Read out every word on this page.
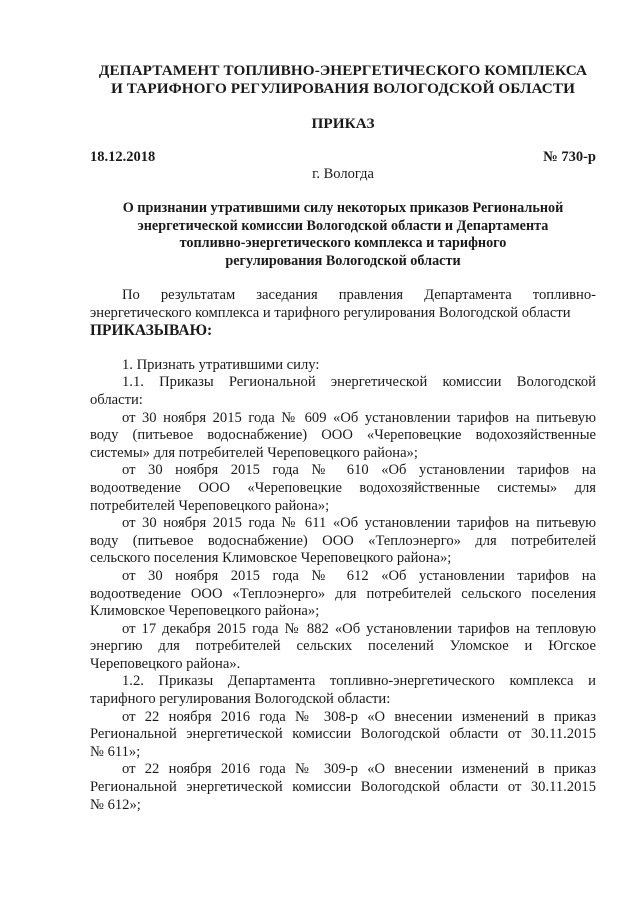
ДЕПАРТАМЕНТ ТОПЛИВНО-ЭНЕРГЕТИЧЕСКОГО КОМПЛЕКСА
И ТАРИФНОГО РЕГУЛИРОВАНИЯ ВОЛОГОДСКОЙ ОБЛАСТИ
ПРИКАЗ
18.12.2018	№ 730-р
г. Вологда
О признании утратившими силу некоторых приказов Региональной
энергетической комиссии Вологодской области и Департамента
топливно-энергетического комплекса и тарифного
регулирования Вологодской области
По результатам заседания правления Департамента топливно-
энергетического комплекса и тарифного регулирования Вологодской области
ПРИКАЗЫВАЮ:
1. Признать утратившими силу:
1.1. Приказы Региональной энергетической комиссии Вологодской
области:
от 30 ноября 2015 года № 609 «Об установлении тарифов на питьевую
воду (питьевое водоснабжение) ООО «Череповецкие водохозяйственные
системы» для потребителей Череповецкого района»;
от 30 ноября 2015 года № 610 «Об установлении тарифов на
водоотведение ООО «Череповецкие водохозяйственные системы» для
потребителей Череповецкого района»;
от 30 ноября 2015 года № 611 «Об установлении тарифов на питьевую
воду (питьевое водоснабжение) ООО «Теплоэнерго» для потребителей
сельского поселения Климовское Череповецкого района»;
от 30 ноября 2015 года № 612 «Об установлении тарифов на
водоотведение ООО «Теплоэнерго» для потребителей сельского поселения
Климовское Череповецкого района»;
от 17 декабря 2015 года № 882 «Об установлении тарифов на тепловую
энергию для потребителей сельских поселений Уломское и Югское
Череповецкого района».
1.2. Приказы Департамента топливно-энергетического комплекса и
тарифного регулирования Вологодской области:
от 22 ноября 2016 года № 308-р «О внесении изменений в приказ
Региональной энергетической комиссии Вологодской области от 30.11.2015
№ 611»;
от 22 ноября 2016 года № 309-р «О внесении изменений в приказ
Региональной энергетической комиссии Вологодской области от 30.11.2015
№ 612»;
